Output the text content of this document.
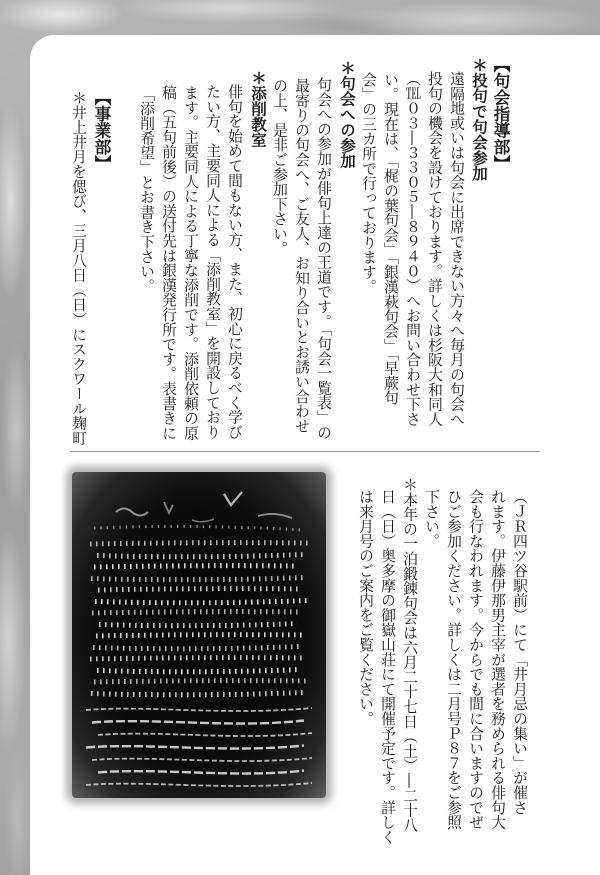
【句会指導部】
＊投句で句会参加
遠隔地或いは句会に出席できない方々へ毎月の句会へ
投句の機会を設けております。詳しくは杉阪大和同人
（℡０３―３３０５―８９４０）へお問い合わせ下さ
い。現在は、「梶の葉句会」「銀漢萩句会」「早蕨句
会」の三カ所で行っております。
＊句会への参加
句会への参加が俳句上達の王道です。「句会一覧表」の
最寄りの句会へ、ご友人、お知り合いとお誘い合わせ
の上、是非ご参加下さい。
＊添削教室
俳句を始めて間もない方、また、初心に戻るべく学び
たい方、主要同人による「添削教室」を開設しており
ます。主要同人による丁寧な添削です。添削依頼の原
稿（五句前後）の送付先は銀漢発行所です。表書きに
「添削希望」とお書き下さい。
【事業部】
＊井上井月を偲び、三月八日（日）にスクワール麹町
（ＪＲ四ツ谷駅前）にて「井月忌の集い」が催さ
れます。伊藤伊那男主宰が選者を務められる俳句大
会も行なわれます。今からでも間に合いますのでぜ
ひご参加ください。詳しくは二月号Ｐ８７をご参照
下さい。
＊本年の一泊鍛錬句会は六月二十七日（土）―二十八
日（日）奥多摩の御嶽山荘にて開催予定です。詳しく
は来月号のご案内をご覧ください。
